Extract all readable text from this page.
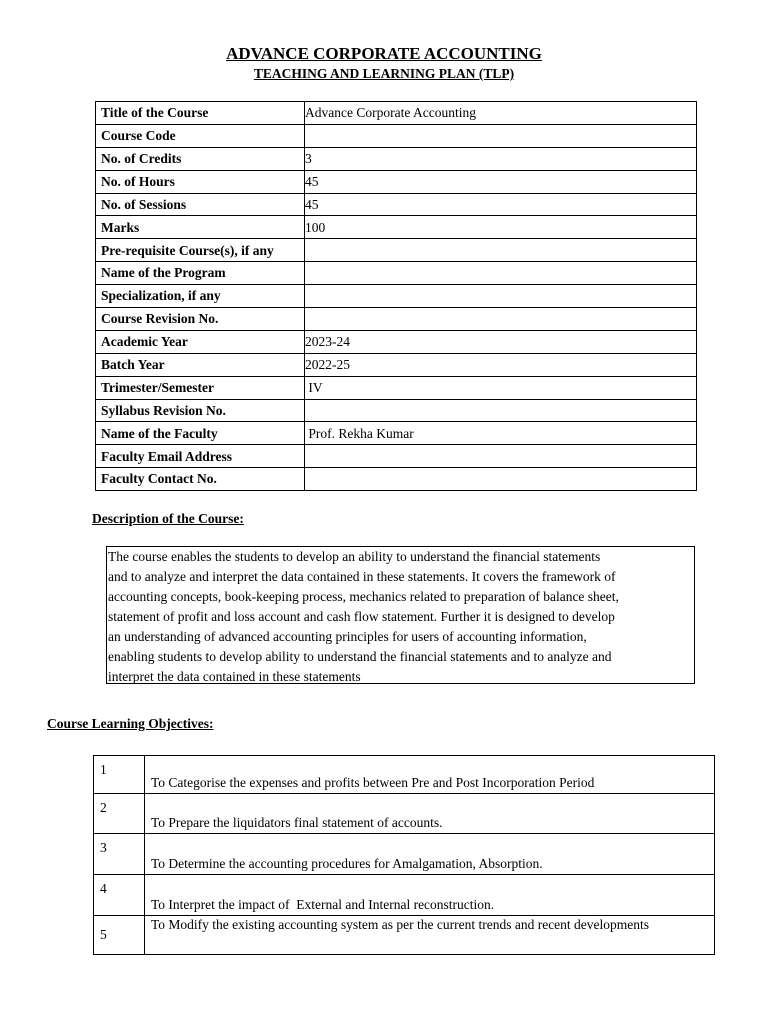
ADVANCE CORPORATE ACCOUNTING
TEACHING AND LEARNING PLAN (TLP)
Title of the Course	Advance Corporate Accounting
Course Code	
No. of Credits	3
No. of Hours	45
No. of Sessions	45
Marks	100
Pre-requisite Course(s), if any	
Name of the Program	
Specialization, if any	
Course Revision No.	
Academic Year	2023-24
Batch Year	2022-25
Trimester/Semester	IV
Syllabus Revision No.	
Name of the Faculty	Prof. Rekha Kumar
Faculty Email Address	
Faculty Contact No.	
Description of the Course:
The course enables the students to develop an ability to understand the financial statements
and to analyze and interpret the data contained in these statements. It covers the framework of
accounting concepts, book-keeping process, mechanics related to preparation of balance sheet,
statement of profit and loss account and cash flow statement. Further it is designed to develop
an understanding of advanced accounting principles for users of accounting information,
enabling students to develop ability to understand the financial statements and to analyze and
interpret the data contained in these statements
Course Learning Objectives:
1	To Categorise the expenses and profits between Pre and Post Incorporation Period
2	To Prepare the liquidators final statement of accounts.
3	To Determine the accounting procedures for Amalgamation, Absorption.
4	To Interpret the impact of  External and Internal reconstruction.
5	To Modify the existing accounting system as per the current trends and recent developments
